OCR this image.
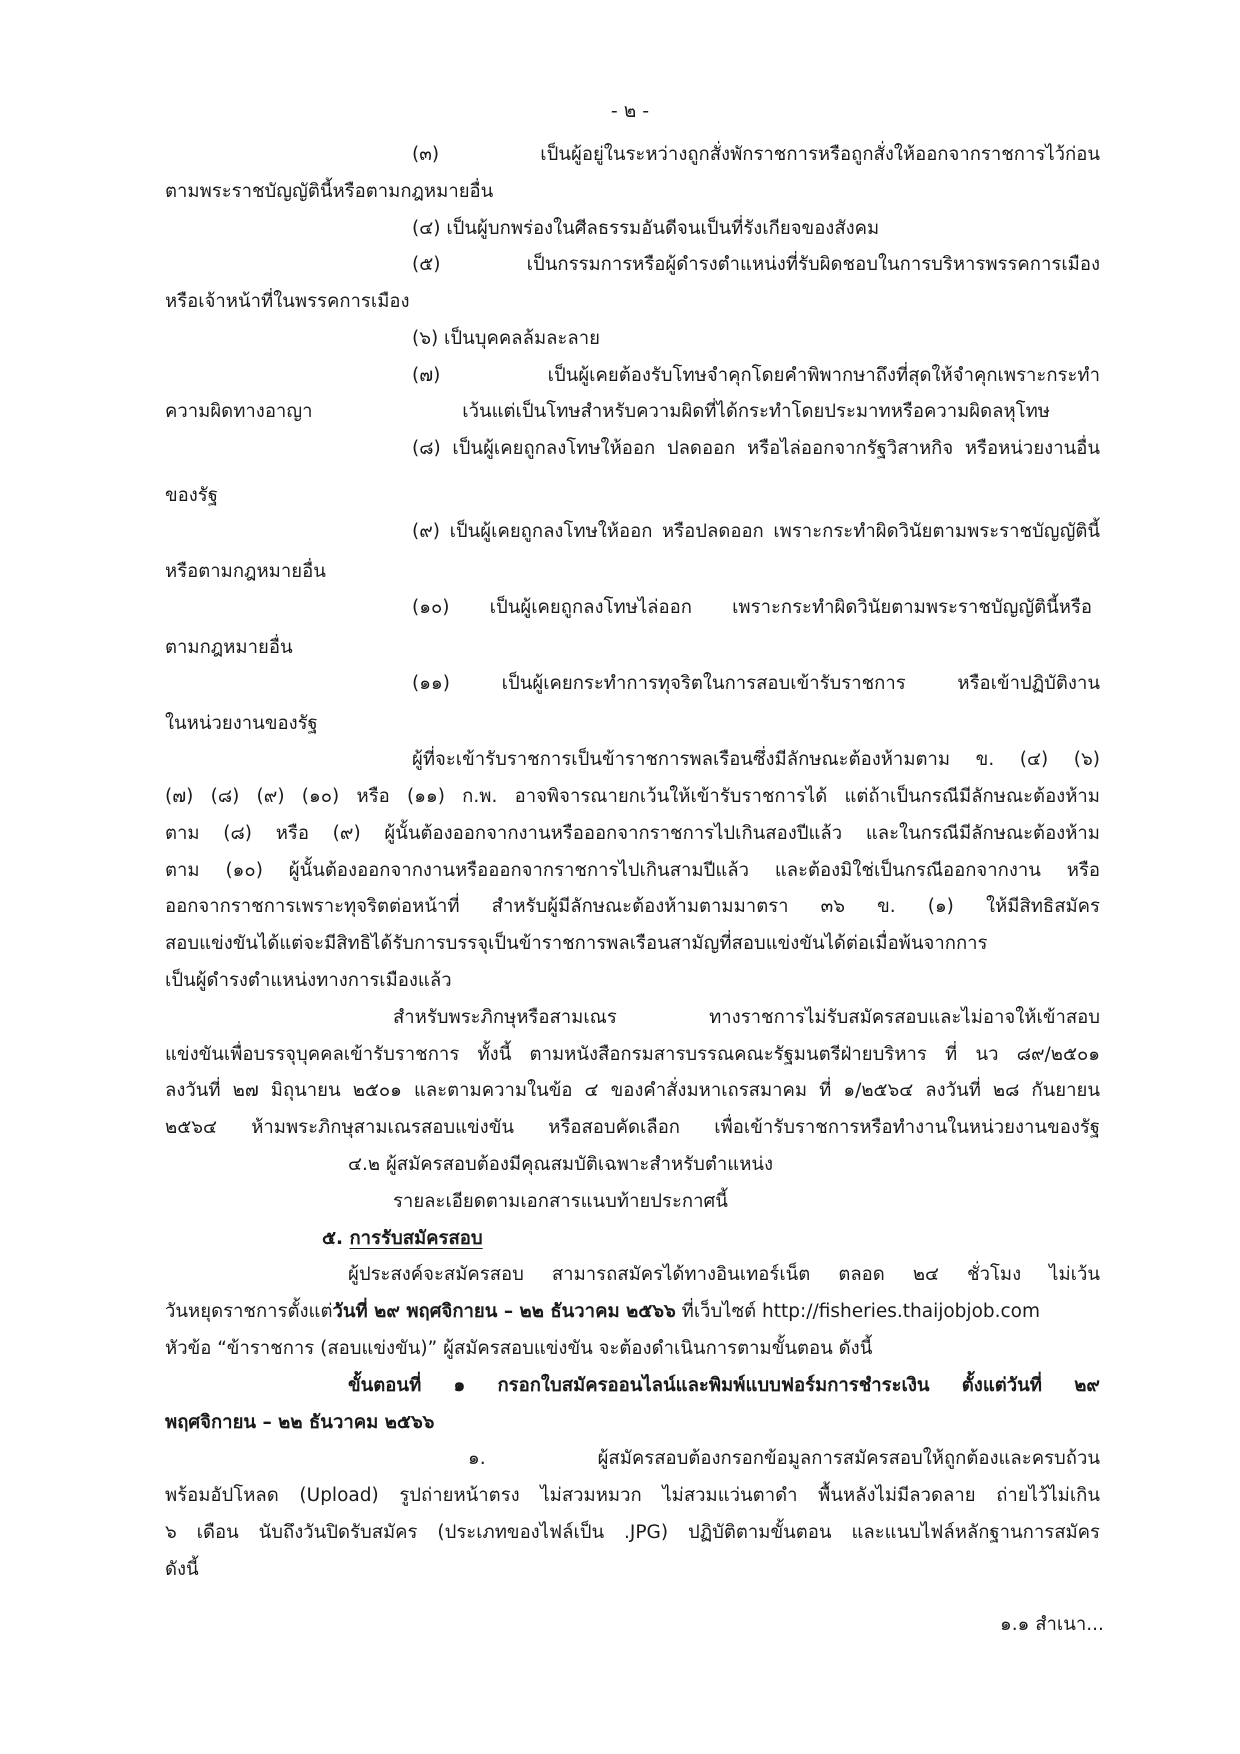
- ๒ -
(๓) เป็นผู้อยู่ในระหว่างถูกสั่งพักราชการหรือถูกสั่งให้ออกจากราชการไว้ก่อน
ตามพระราชบัญญัตินี้หรือตามกฎหมายอื่น
(๔) เป็นผู้บกพร่องในศีลธรรมอันดีจนเป็นที่รังเกียจของสังคม
(๕) เป็นกรรมการหรือผู้ดำรงตำแหน่งที่รับผิดชอบในการบริหารพรรคการเมือง
หรือเจ้าหน้าที่ในพรรคการเมือง
(๖) เป็นบุคคลล้มละลาย
(๗) เป็นผู้เคยต้องรับโทษจำคุกโดยคำพิพากษาถึงที่สุดให้จำคุกเพราะกระทำ
ความผิดทางอาญา เว้นแต่เป็นโทษสำหรับความผิดที่ได้กระทำโดยประมาทหรือความผิดลหุโทษ
(๘) เป็นผู้เคยถูกลงโทษให้ออก ปลดออก หรือไล่ออกจากรัฐวิสาหกิจ หรือหน่วยงานอื่น
ของรัฐ
(๙) เป็นผู้เคยถูกลงโทษให้ออก หรือปลดออก เพราะกระทำผิดวินัยตามพระราชบัญญัตินี้
หรือตามกฎหมายอื่น
(๑๐) เป็นผู้เคยถูกลงโทษไล่ออก เพราะกระทำผิดวินัยตามพระราชบัญญัตินี้หรือ
ตามกฎหมายอื่น
(๑๑) เป็นผู้เคยกระทำการทุจริตในการสอบเข้ารับราชการ หรือเข้าปฏิบัติงาน
ในหน่วยงานของรัฐ
ผู้ที่จะเข้ารับราชการเป็นข้าราชการพลเรือนซึ่งมีลักษณะต้องห้ามตาม ข. (๔) (๖)
(๗) (๘) (๙) (๑๐) หรือ (๑๑) ก.พ. อาจพิจารณายกเว้นให้เข้ารับราชการได้ แต่ถ้าเป็นกรณีมีลักษณะต้องห้าม
ตาม (๘) หรือ (๙) ผู้นั้นต้องออกจากงานหรือออกจากราชการไปเกินสองปีแล้ว และในกรณีมีลักษณะต้องห้าม
ตาม (๑๐) ผู้นั้นต้องออกจากงานหรือออกจากราชการไปเกินสามปีแล้ว และต้องมิใช่เป็นกรณีออกจากงาน หรือ
ออกจากราชการเพราะทุจริตต่อหน้าที่ สำหรับผู้มีลักษณะต้องห้ามตามมาตรา ๓๖ ข. (๑) ให้มีสิทธิสมัคร
สอบแข่งขันได้แต่จะมีสิทธิได้รับการบรรจุเป็นข้าราชการพลเรือนสามัญที่สอบแข่งขันได้ต่อเมื่อพ้นจากการ
เป็นผู้ดำรงตำแหน่งทางการเมืองแล้ว
สำหรับพระภิกษุหรือสามเณร ทางราชการไม่รับสมัครสอบและไม่อาจให้เข้าสอบ
แข่งขันเพื่อบรรจุบุคคลเข้ารับราชการ ทั้งนี้ ตามหนังสือกรมสารบรรณคณะรัฐมนตรีฝ่ายบริหาร ที่ นว ๘๙/๒๕๐๑
ลงวันที่ ๒๗ มิถุนายน ๒๕๐๑ และตามความในข้อ ๔ ของคำสั่งมหาเถรสมาคม ที่ ๑/๒๕๖๔ ลงวันที่ ๒๘ กันยายน
๒๕๖๔ ห้ามพระภิกษุสามเณรสอบแข่งขัน หรือสอบคัดเลือก เพื่อเข้ารับราชการหรือทำงานในหน่วยงานของรัฐ
๔.๒ ผู้สมัครสอบต้องมีคุณสมบัติเฉพาะสำหรับตำแหน่ง
รายละเอียดตามเอกสารแนบท้ายประกาศนี้
๕. การรับสมัครสอบ
ผู้ประสงค์จะสมัครสอบ สามารถสมัครได้ทางอินเทอร์เน็ต ตลอด ๒๔ ชั่วโมง ไม่เว้น
วันหยุดราชการตั้งแต่วันที่ ๒๙ พฤศจิกายน – ๒๒ ธันวาคม ๒๕๖๖ ที่เว็บไซต์ http://fisheries.thaijobjob.com
หัวข้อ “ข้าราชการ (สอบแข่งขัน)” ผู้สมัครสอบแข่งขัน จะต้องดำเนินการตามขั้นตอน ดังนี้
ขั้นตอนที่ ๑ กรอกใบสมัครออนไลน์และพิมพ์แบบฟอร์มการชำระเงิน ตั้งแต่วันที่ ๒๙
พฤศจิกายน – ๒๒ ธันวาคม ๒๕๖๖
๑. ผู้สมัครสอบต้องกรอกข้อมูลการสมัครสอบให้ถูกต้องและครบถ้วน
พร้อมอัปโหลด (Upload) รูปถ่ายหน้าตรง ไม่สวมหมวก ไม่สวมแว่นตาดำ พื้นหลังไม่มีลวดลาย ถ่ายไว้ไม่เกิน
๖ เดือน นับถึงวันปิดรับสมัคร (ประเภทของไฟล์เป็น .JPG) ปฏิบัติตามขั้นตอน และแนบไฟล์หลักฐานการสมัคร
ดังนี้
๑.๑ สำเนา...
